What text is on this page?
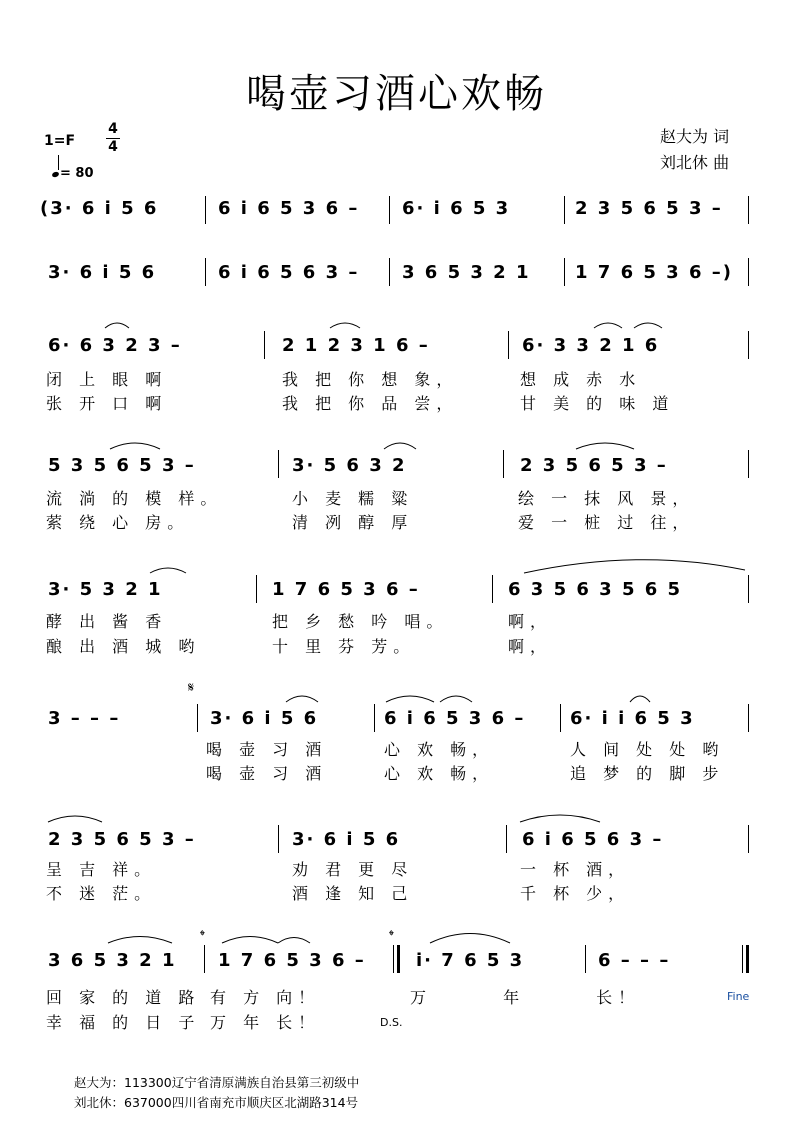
喝壶习酒心欢畅
1=F
4
4
= 80
赵大为 词
刘北休 曲
(3· 6 i 5 6	6 i 6 5 3 6 – 6· i 6 5 3	2 3 5 6 5 3 –
3· 6 i 5 6	6 i 6 5 6 3 – 3 6 5 3 2 1 1 7 6 5 3 6 –)
6· 6 3 2 3 –	2 1 2 3 1 6 –	6· 3 3 2 1 6
闭 上 眼 啊	我 把 你 想 象，	想 成 赤 水
张 开 口 啊	我 把 你 品 尝，	甘 美 的 味 道
5 3 5 6 5 3 –	3· 5 6 3 2	2 3 5 6 5 3 –
流 淌 的 模 样。	小 麦 糯 粱	绘 一 抹 风 景，
萦 绕 心 房。	清 冽 醇 厚	爱 一 桩 过 往，
3· 5 3 2 1	1 7 6 5 3 6 –	6 3 5 6 3 5 6 5
酵 出 酱 香	把 乡 愁 吟 唱。	啊，
酿 出 酒 城 哟	十 里 芬 芳。	啊，
𝄋
3 – – –	3· 6 i 5 6	6 i 6 5 3 6 – 6· i i 6 5 3
喝 壶 习 酒	心 欢 畅，	人 间 处 处 哟
喝 壶 习 酒	心 欢 畅，	追 梦 的 脚 步
2 3 5 6 5 3 –	3· 6 i 5 6	6 i 6 5 6 3 –
呈 吉 祥。	劝 君 更 尽	一 杯 酒，
不 迷 茫。	酒 逢 知 己	千 杯 少，
𝄌	𝄌
3 6 5 3 2 1 1 7 6 5 3 6 –	i· 7 6 5 3	6 – – –
回 家 的 道 路 有 方 向！	万 年 长！
幸 福 的 日 子 万 年 长！	D.S.
Fine
赵大为：113300辽宁省清原满族自治县第三初级中
刘北休：637000四川省南充市顺庆区北湖路314号
